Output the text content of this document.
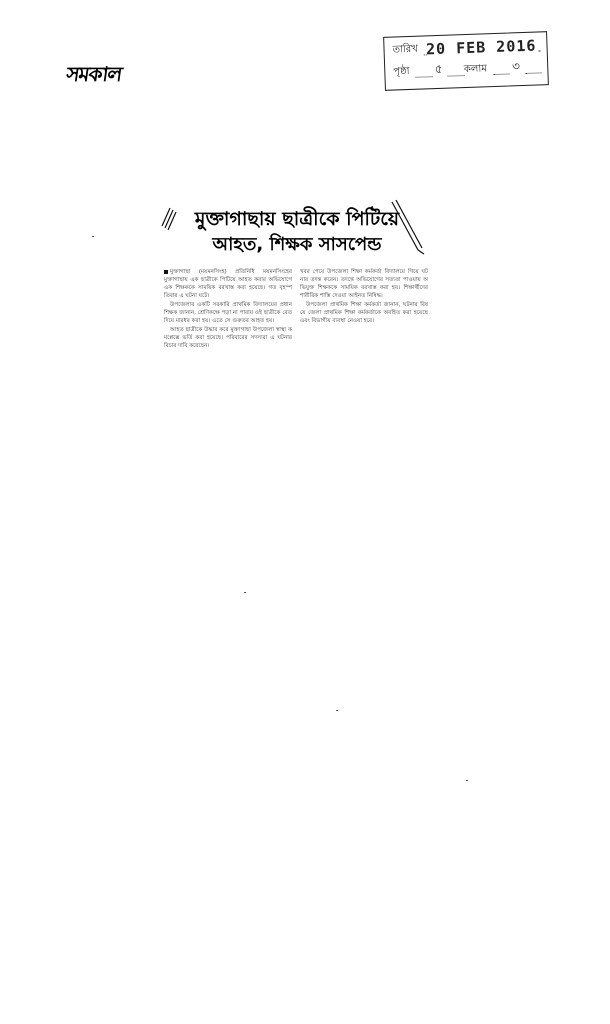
সমকাল
তারিখ 20 FEB 2016
পৃষ্ঠা ৫ কলাম ৩
মুক্তাগাছায় ছাত্রীকে পিটিয়ে
আহত, শিক্ষক সাসপেন্ড

মুক্তাগাছা (ময়মনসিংহ) প্রতিনিধি ময়মনসিংহের মুক্তাগাছায় এক ছাত্রীকে পিটিয়ে আহত করার অভিযোগে এক শিক্ষককে সাময়িক বরখাস্ত করা হয়েছে। গত বৃহস্পতিবার এ ঘটনা ঘটে।

উপজেলার একটি সরকারি প্রাথমিক বিদ্যালয়ের প্রধান শিক্ষক জানান, শ্রেণিকক্ষে পড়া না পারায় ওই ছাত্রীকে বেত দিয়ে মারধর করা হয়। এতে সে গুরুতর আহত হয়।

আহত ছাত্রীকে উদ্ধার করে মুক্তাগাছা উপজেলা স্বাস্থ্য কমপ্লেক্সে ভর্তি করা হয়েছে। পরিবারের সদস্যরা এ ঘটনার বিচার দাবি করেছেন।

খবর পেয়ে উপজেলা শিক্ষা কর্মকর্তা বিদ্যালয়ে গিয়ে ঘটনার তদন্ত করেন। তদন্তে অভিযোগের সত্যতা পাওয়ায় অভিযুক্ত শিক্ষককে সাময়িক বরখাস্ত করা হয়। শিক্ষার্থীদের শারীরিক শাস্তি দেওয়া আইনত নিষিদ্ধ।

উপজেলা প্রাথমিক শিক্ষা কর্মকর্তা জানান, ঘটনার বিষয়ে জেলা প্রাথমিক শিক্ষা কর্মকর্তাকে অবহিত করা হয়েছে এবং বিভাগীয় ব্যবস্থা নেওয়া হবে।
